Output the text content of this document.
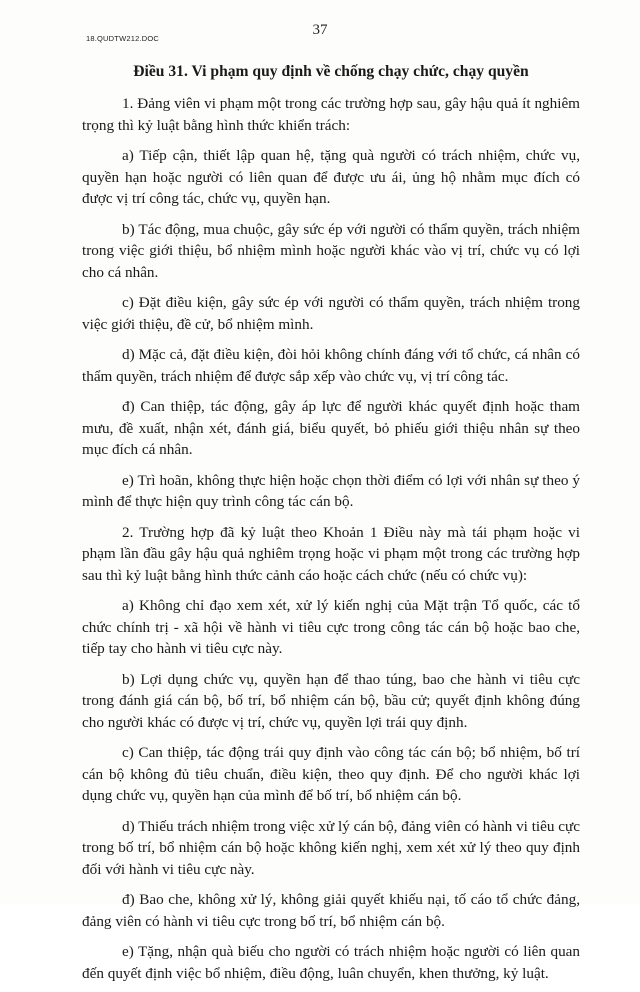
18.QUDTW212.DOC
37
Điều 31. Vi phạm quy định về chống chạy chức, chạy quyền

1. Đảng viên vi phạm một trong các trường hợp sau, gây hậu quả ít nghiêm trọng thì kỷ luật bằng hình thức khiển trách:

a) Tiếp cận, thiết lập quan hệ, tặng quà người có trách nhiệm, chức vụ, quyền hạn hoặc người có liên quan để được ưu ái, ủng hộ nhằm mục đích có được vị trí công tác, chức vụ, quyền hạn.

b) Tác động, mua chuộc, gây sức ép với người có thẩm quyền, trách nhiệm trong việc giới thiệu, bổ nhiệm mình hoặc người khác vào vị trí, chức vụ có lợi cho cá nhân.

c) Đặt điều kiện, gây sức ép với người có thẩm quyền, trách nhiệm trong việc giới thiệu, đề cử, bổ nhiệm mình.

d) Mặc cả, đặt điều kiện, đòi hỏi không chính đáng với tổ chức, cá nhân có thẩm quyền, trách nhiệm để được sắp xếp vào chức vụ, vị trí công tác.

đ) Can thiệp, tác động, gây áp lực để người khác quyết định hoặc tham mưu, đề xuất, nhận xét, đánh giá, biểu quyết, bỏ phiếu giới thiệu nhân sự theo mục đích cá nhân.

e) Trì hoãn, không thực hiện hoặc chọn thời điểm có lợi với nhân sự theo ý mình để thực hiện quy trình công tác cán bộ.

2. Trường hợp đã kỷ luật theo Khoản 1 Điều này mà tái phạm hoặc vi phạm lần đầu gây hậu quả nghiêm trọng hoặc vi phạm một trong các trường hợp sau thì kỷ luật bằng hình thức cảnh cáo hoặc cách chức (nếu có chức vụ):

a) Không chỉ đạo xem xét, xử lý kiến nghị của Mặt trận Tổ quốc, các tổ chức chính trị - xã hội về hành vi tiêu cực trong công tác cán bộ hoặc bao che, tiếp tay cho hành vi tiêu cực này.

b) Lợi dụng chức vụ, quyền hạn để thao túng, bao che hành vi tiêu cực trong đánh giá cán bộ, bố trí, bổ nhiệm cán bộ, bầu cử; quyết định không đúng cho người khác có được vị trí, chức vụ, quyền lợi trái quy định.

c) Can thiệp, tác động trái quy định vào công tác cán bộ; bổ nhiệm, bố trí cán bộ không đủ tiêu chuẩn, điều kiện, theo quy định. Để cho người khác lợi dụng chức vụ, quyền hạn của mình để bố trí, bổ nhiệm cán bộ.

d) Thiếu trách nhiệm trong việc xử lý cán bộ, đảng viên có hành vi tiêu cực trong bố trí, bổ nhiệm cán bộ hoặc không kiến nghị, xem xét xử lý theo quy định đối với hành vi tiêu cực này.

đ) Bao che, không xử lý, không giải quyết khiếu nại, tố cáo tổ chức đảng, đảng viên có hành vi tiêu cực trong bố trí, bổ nhiệm cán bộ.

e) Tặng, nhận quà biếu cho người có trách nhiệm hoặc người có liên quan đến quyết định việc bổ nhiệm, điều động, luân chuyển, khen thưởng, kỷ luật.
